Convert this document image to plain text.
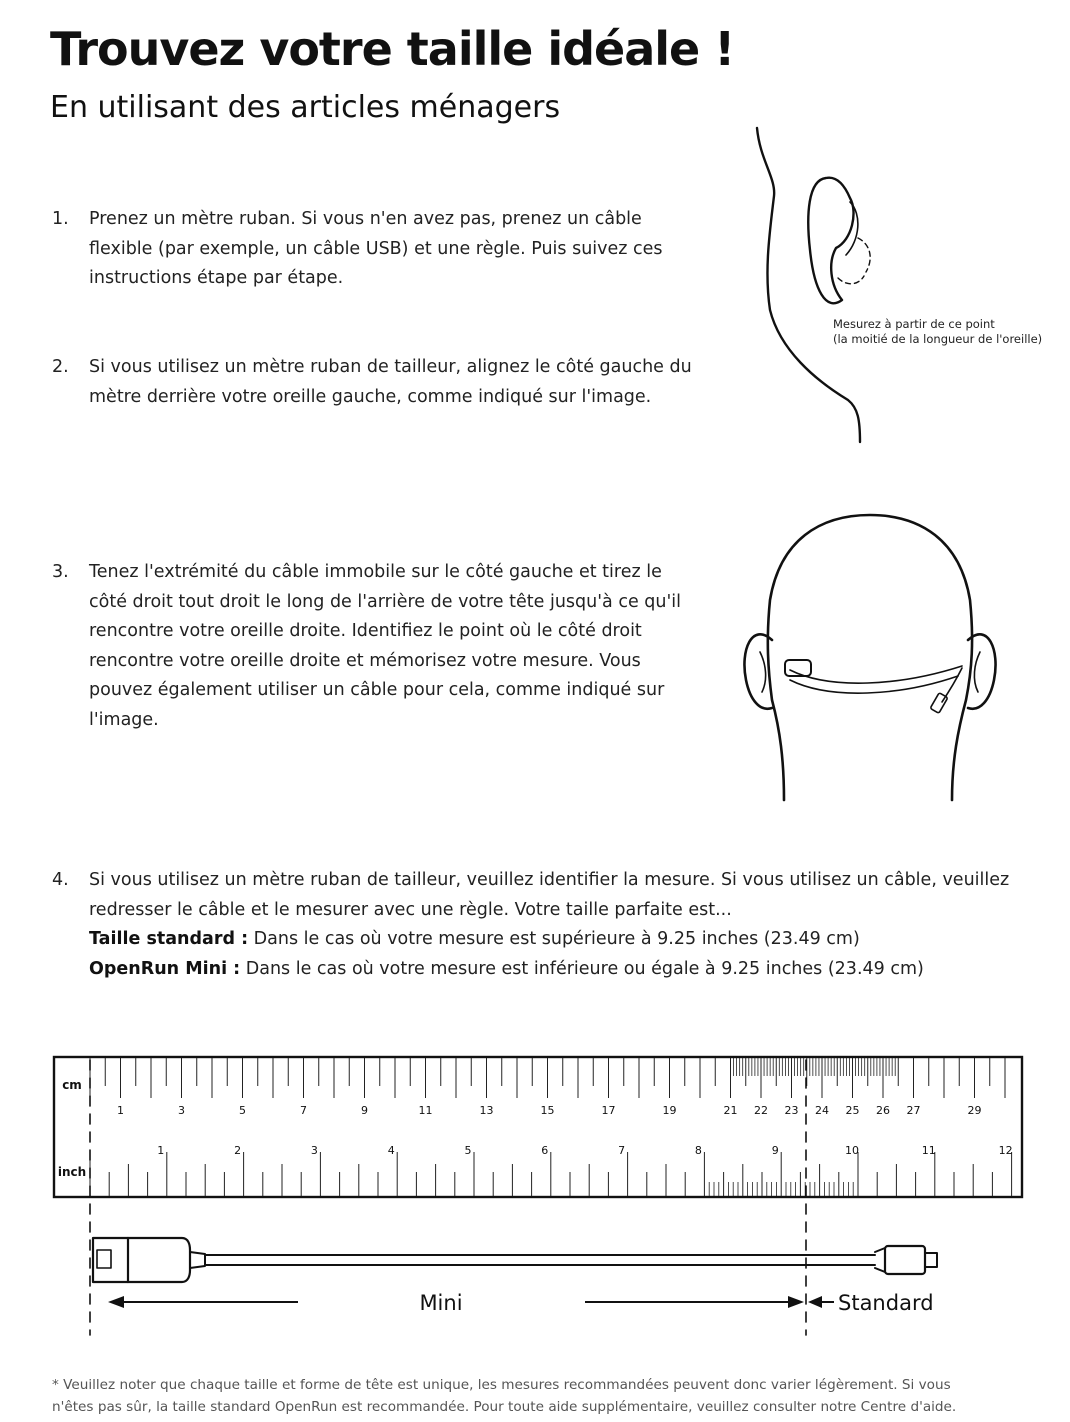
Trouvez votre taille idéale !
En utilisant des articles ménagers
1. Prenez un mètre ruban. Si vous n'en avez pas, prenez un câble
flexible (par exemple, un câble USB) et une règle. Puis suivez ces
instructions étape par étape.
2. Si vous utilisez un mètre ruban de tailleur, alignez le côté gauche du
mètre derrière votre oreille gauche, comme indiqué sur l'image.
3. Tenez l'extrémité du câble immobile sur le côté gauche et tirez le
côté droit tout droit le long de l'arrière de votre tête jusqu'à ce qu'il
rencontre votre oreille droite. Identifiez le point où le côté droit
rencontre votre oreille droite et mémorisez votre mesure. Vous
pouvez également utiliser un câble pour cela, comme indiqué sur
l'image.
4. Si vous utilisez un mètre ruban de tailleur, veuillez identifier la mesure. Si vous utilisez un câble, veuillez
redresser le câble et le mesurer avec une règle. Votre taille parfaite est...
Taille standard : Dans le cas où votre mesure est supérieure à 9.25 inches (23.49 cm)
OpenRun Mini : Dans le cas où votre mesure est inférieure ou égale à 9.25 inches (23.49 cm)
Mesurez à partir de ce point
(la moitié de la longueur de l'oreille)
1	3	5	7	9	11	13	15	17	19	21 22 23 24 25 26 27	29
1	2	3	4	5	6	7	8	9	10	11	12
cm
inch
Mini	Standard
* Veuillez noter que chaque taille et forme de tête est unique, les mesures recommandées peuvent donc varier légèrement. Si vous
n'êtes pas sûr, la taille standard OpenRun est recommandée. Pour toute aide supplémentaire, veuillez consulter notre Centre d'aide.
